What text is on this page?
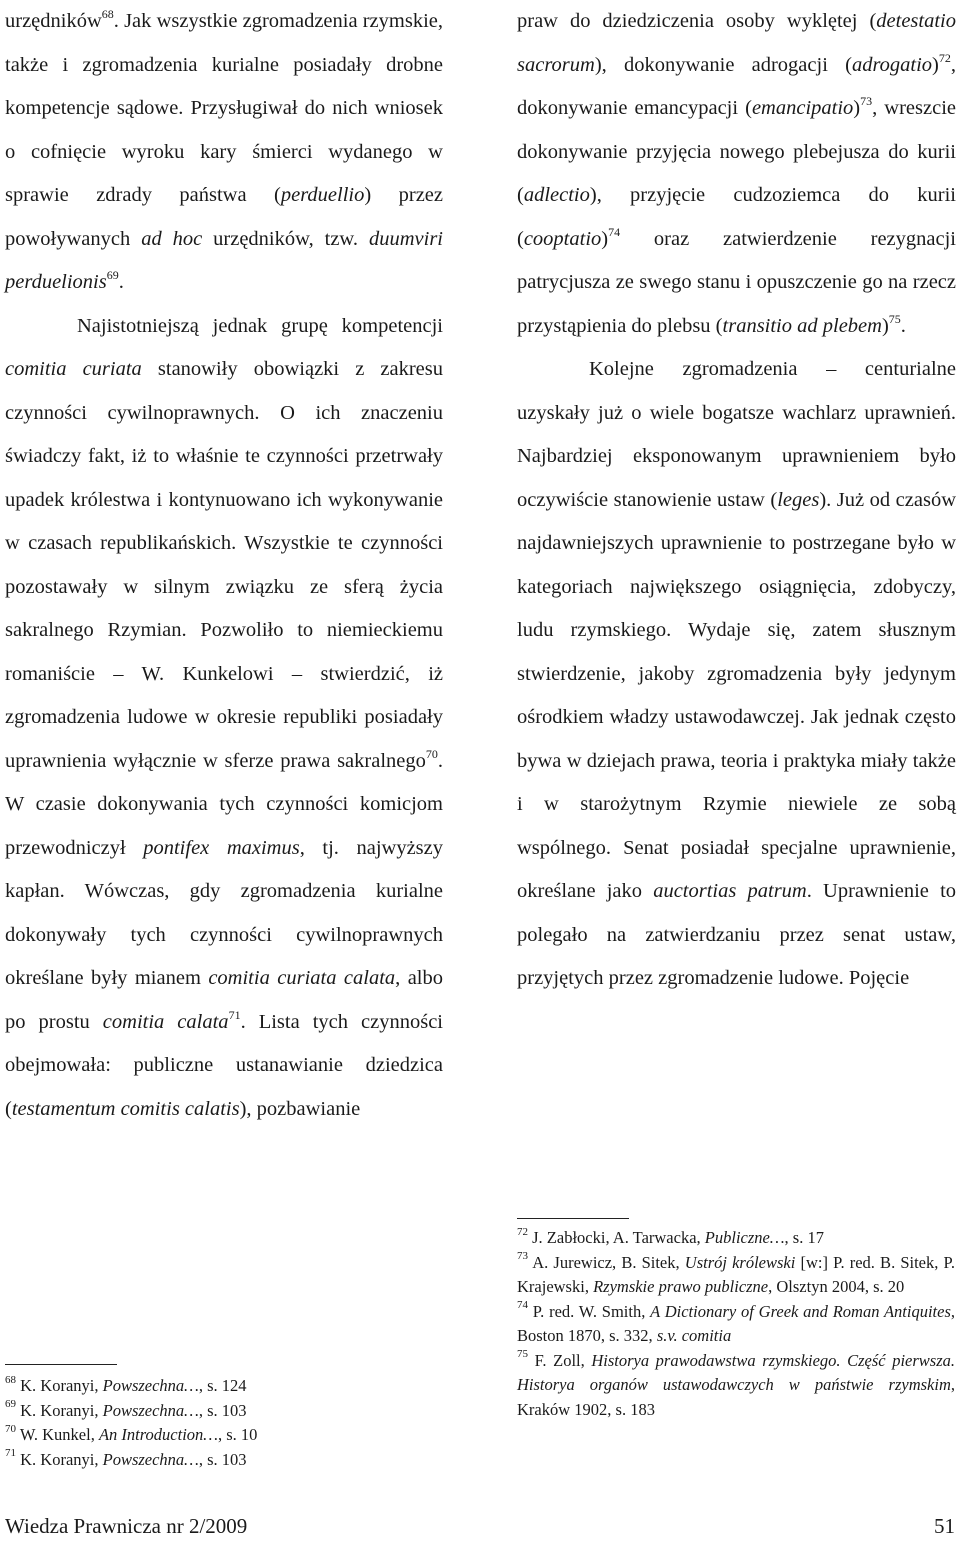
urzędników$^{68}$. Jak wszystkie zgromadzenia rzymskie, także i zgromadzenia kurialne posiadały drobne kompetencje sądowe. Przysługiwał do nich wniosek o cofnięcie wyroku kary śmierci wydanego w sprawie zdrady państwa (perduellio) przez powoływanych ad hoc urzędników, tzw. duumviri perduelionis$^{69}$.

Najistotniejszą jednak grupę kompetencji comitia curiata stanowiły obowiązki z zakresu czynności cywilnoprawnych. O ich znaczeniu świadczy fakt, iż to właśnie te czynności przetrwały upadek królestwa i kontynuowano ich wykonywanie w czasach republikańskich. Wszystkie te czynności pozostawały w silnym związku ze sferą życia sakralnego Rzymian. Pozwoliło to niemieckiemu romaniście – W. Kunkelowi – stwierdzić, iż zgromadzenia ludowe w okresie republiki posiadały uprawnienia wyłącznie w sferze prawa sakralnego$^{70}$. W czasie dokonywania tych czynności komicjom przewodniczył pontifex maximus, tj. najwyższy kapłan. Wówczas, gdy zgromadzenia kurialne dokonywały tych czynności cywilnoprawnych określane były mianem comitia curiata calata, albo po prostu comitia calata$^{71}$. Lista tych czynności obejmowała: publiczne ustanawianie dziedzica (testamentum comitis calatis), pozbawianie

$^{68}$ K. Koranyi, Powszechna…, s. 124

$^{69}$ K. Koranyi, Powszechna…, s. 103

$^{70}$ W. Kunkel, An Introduction…, s. 10

$^{71}$ K. Koranyi, Powszechna…, s. 103

praw do dziedziczenia osoby wyklętej (detestatio sacrorum), dokonywanie adrogacji (adrogatio)$^{72}$, dokonywanie emancypacji (emancipatio)$^{73}$, wreszcie dokonywanie przyjęcia nowego plebejusza do kurii (adlectio), przyjęcie cudzoziemca do kurii (cooptatio)$^{74}$ oraz zatwierdzenie rezygnacji patrycjusza ze swego stanu i opuszczenie go na rzecz przystąpienia do plebsu (transitio ad plebem)$^{75}$.

Kolejne zgromadzenia – centurialne uzyskały już o wiele bogatsze wachlarz uprawnień. Najbardziej eksponowanym uprawnieniem było oczywiście stanowienie ustaw (leges). Już od czasów najdawniejszych uprawnienie to postrzegane było w kategoriach największego osiągnięcia, zdobyczy, ludu rzymskiego. Wydaje się, zatem słusznym stwierdzenie, jakoby zgromadzenia były jedynym ośrodkiem władzy ustawodawczej. Jak jednak często bywa w dziejach prawa, teoria i praktyka miały także i w starożytnym Rzymie niewiele ze sobą wspólnego. Senat posiadał specjalne uprawnienie, określane jako auctortias patrum. Uprawnienie to polegało na zatwierdzaniu przez senat ustaw, przyjętych przez zgromadzenie ludowe. Pojęcie

$^{72}$ J. Zabłocki, A. Tarwacka, Publiczne…, s. 17

$^{73}$ A. Jurewicz, B. Sitek, Ustrój królewski [w:] P. red. B. Sitek, P. Krajewski, Rzymskie prawo publiczne, Olsztyn 2004, s. 20

$^{74}$ P. red. W. Smith, A Dictionary of Greek and Roman Antiquites, Boston 1870, s. 332, s.v. comitia

$^{75}$ F. Zoll, Historya prawodawstwa rzymskiego. Część pierwsza. Historya organów ustawodawczych w państwie rzymskim, Kraków 1902, s. 183

Wiedza Prawnicza nr 2/2009	51
